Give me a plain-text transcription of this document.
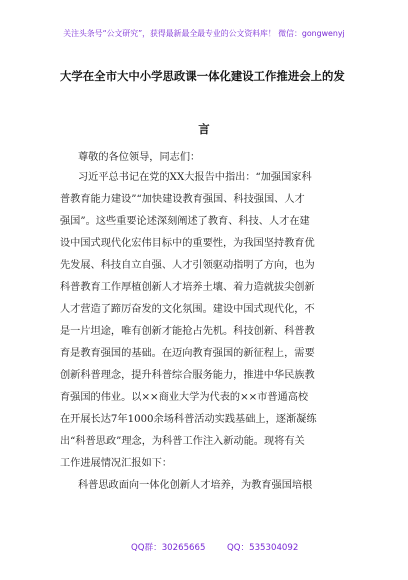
关注头条号“公文研究”，获得最新最全最专业的公文资料库！ 微信：gongwenyj
大学在全市大中小学思政课一体化建设工作推进会上的发
言
尊敬的各位领导，同志们：
习近平总书记在党的XX大报告中指出：“加强国家科
普教育能力建设”“加快建设教育强国、科技强国、人才
强国”。这些重要论述深刻阐述了教育、科技、人才在建
设中国式现代化宏伟目标中的重要性，为我国坚持教育优
先发展、科技自立自强、人才引领驱动指明了方向，也为
科普教育工作厚植创新人才培养土壤、着力造就拔尖创新
人才营造了蹄厉奋发的文化氛围。建设中国式现代化，不
是一片坦途，唯有创新才能抢占先机。科技创新、科普教
育是教育强国的基础。在迈向教育强国的新征程上，需要
创新科普理念，提升科普综合服务能力，推进中华民族教
育强国的伟业。以××商业大学为代表的××市普通高校
在开展长达7年1000余场科普活动实践基础上，逐渐凝练
出“科普思政”理念，为科普工作注入新动能。现将有关
工作进展情况汇报如下：
科普思政面向一体化创新人才培养，为教育强国培根
QQ群：30265665	QQ：535304092
